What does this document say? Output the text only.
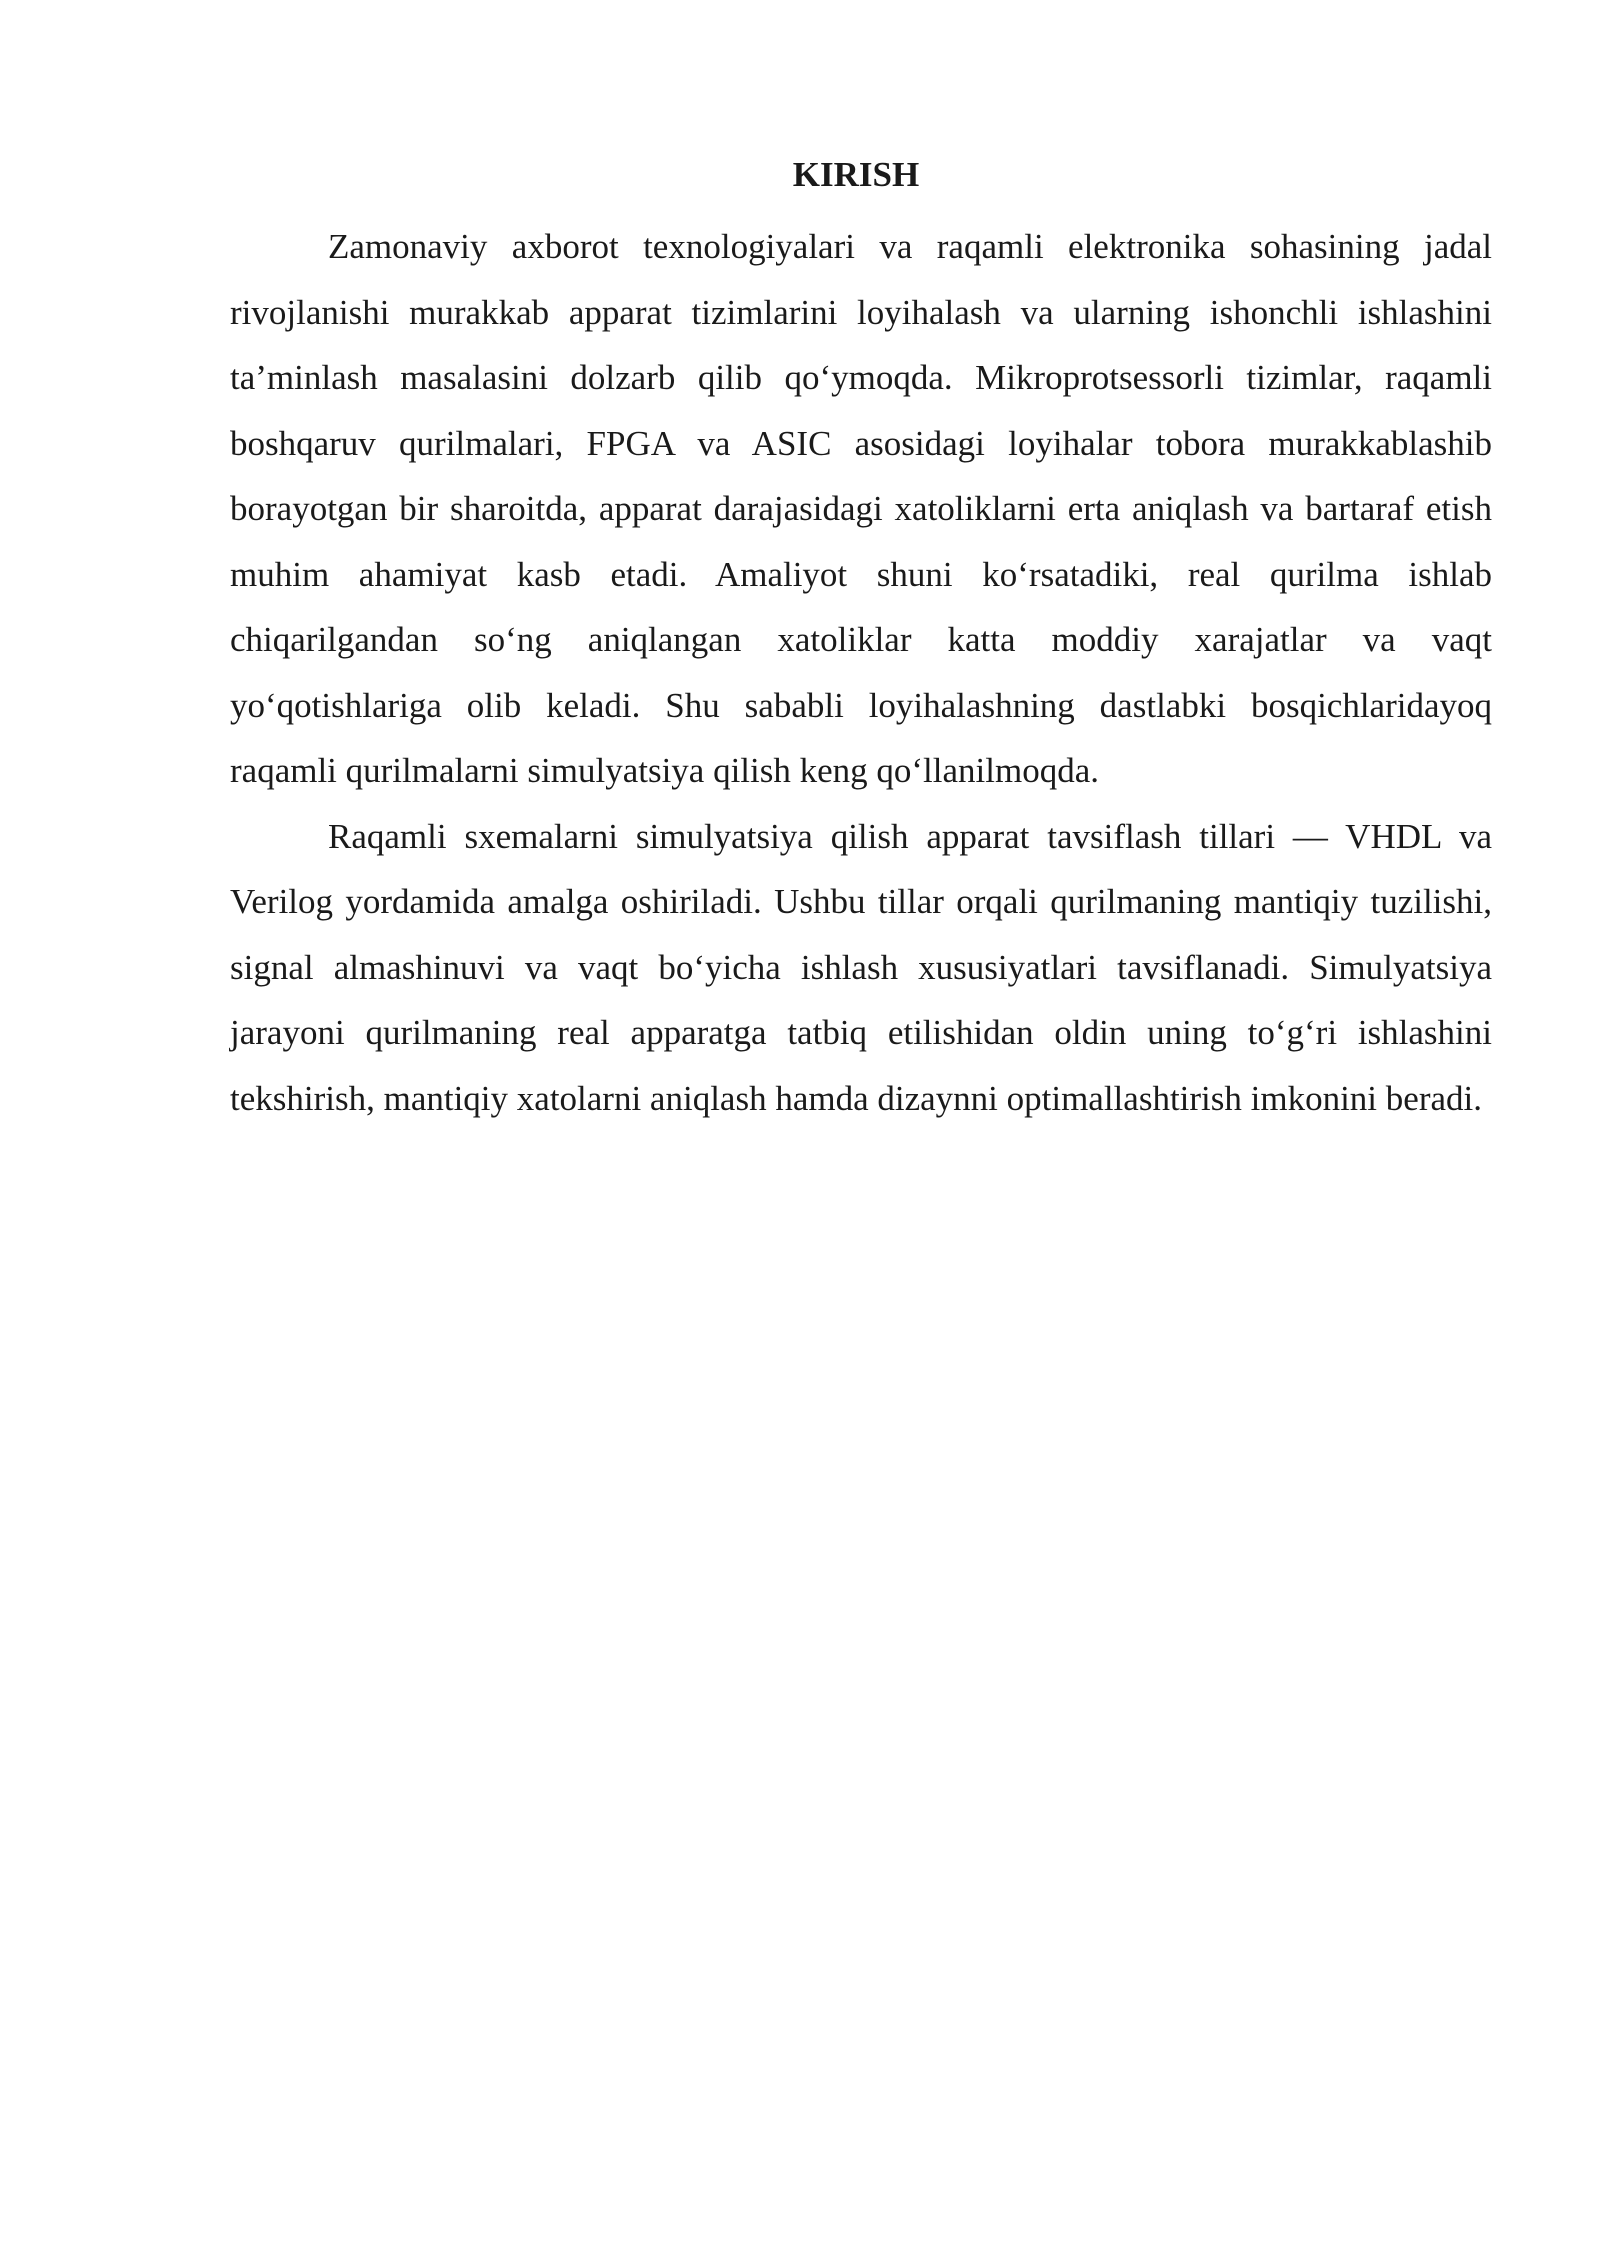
KIRISH

Zamonaviy axborot texnologiyalari va raqamli elektronika sohasining jadal rivojlanishi murakkab apparat tizimlarini loyihalash va ularning ishonchli ishlashini ta’minlash masalasini dolzarb qilib qo‘ymoqda. Mikroprotsessorli tizimlar, raqamli boshqaruv qurilmalari, FPGA va ASIC asosidagi loyihalar tobora murakkablashib borayotgan bir sharoitda, apparat darajasidagi xatoliklarni erta aniqlash va bartaraf etish muhim ahamiyat kasb etadi. Amaliyot shuni ko‘rsatadiki, real qurilma ishlab chiqarilgandan so‘ng aniqlangan xatoliklar katta moddiy xarajatlar va vaqt yo‘qotishlariga olib keladi. Shu sababli loyihalashning dastlabki bosqichlaridayoq raqamli qurilmalarni simulyatsiya qilish keng qo‘llanilmoqda.

Raqamli sxemalarni simulyatsiya qilish apparat tavsiflash tillari — VHDL va Verilog yordamida amalga oshiriladi. Ushbu tillar orqali qurilmaning mantiqiy tuzilishi, signal almashinuvi va vaqt bo‘yicha ishlash xususiyatlari tavsiflanadi. Simulyatsiya jarayoni qurilmaning real apparatga tatbiq etilishidan oldin uning to‘g‘ri ishlashini tekshirish, mantiqiy xatolarni aniqlash hamda dizaynni optimallashtirish imkonini beradi.
